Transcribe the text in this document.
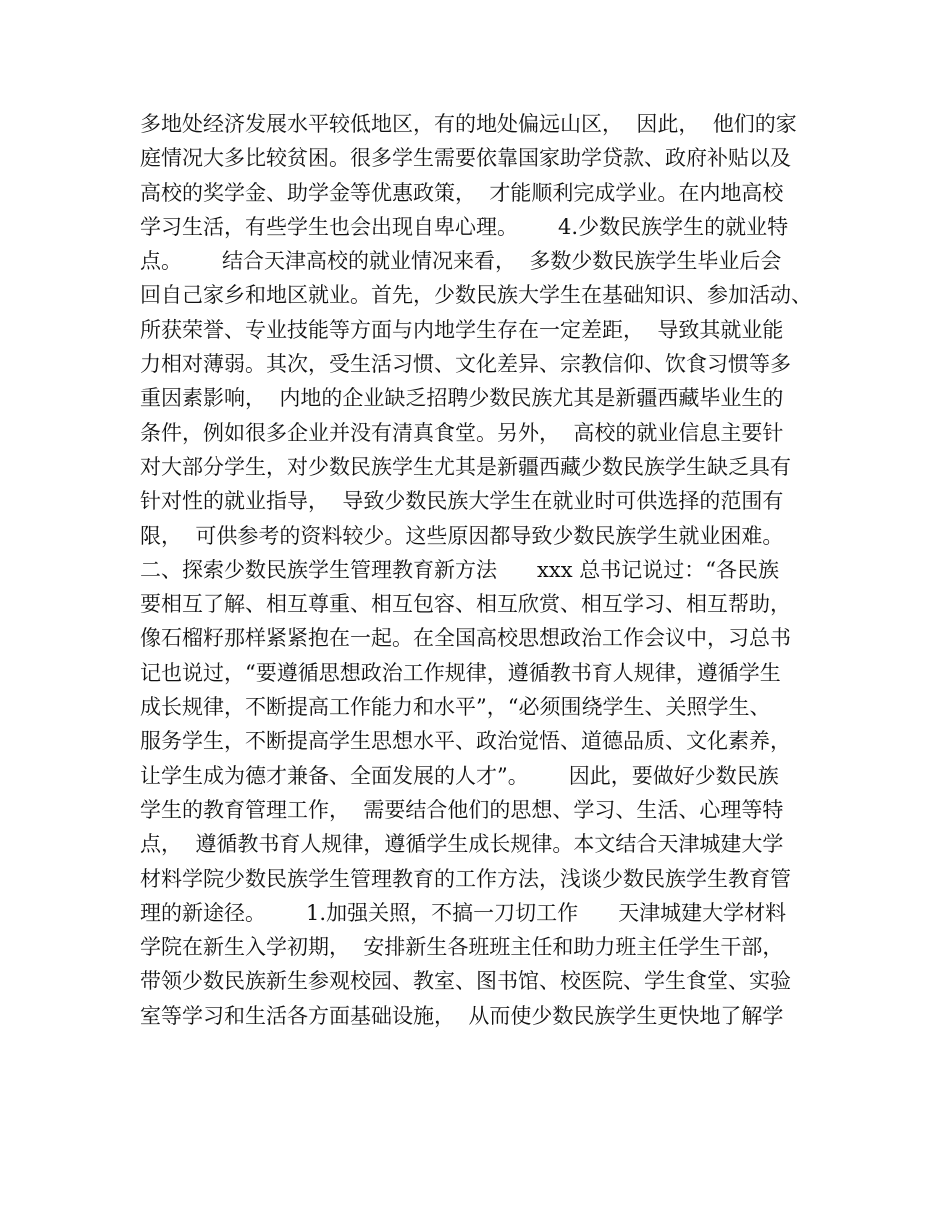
多地处经济发展水平较低地区，有的地处偏远山区，  因此，  他们的家
庭情况大多比较贫困。很多学生需要依靠国家助学贷款、政府补贴以及
高校的奖学金、助学金等优惠政策，  才能顺利完成学业。在内地高校
学习生活，有些学生也会出现自卑心理。      4.少数民族学生的就业特
点。      结合天津高校的就业情况来看，  多数少数民族学生毕业后会
回自己家乡和地区就业。首先，少数民族大学生在基础知识、参加活动、
所获荣誉、专业技能等方面与内地学生存在一定差距，  导致其就业能
力相对薄弱。其次，受生活习惯、文化差异、宗教信仰、饮食习惯等多
重因素影响，  内地的企业缺乏招聘少数民族尤其是新疆西藏毕业生的
条件，例如很多企业并没有清真食堂。另外，  高校的就业信息主要针
对大部分学生，对少数民族学生尤其是新疆西藏少数民族学生缺乏具有
针对性的就业指导，  导致少数民族大学生在就业时可供选择的范围有
限，  可供参考的资料较少。这些原因都导致少数民族学生就业困难。
二、探索少数民族学生管理教育新方法      xxx 总书记说过：“各民族
要相互了解、相互尊重、相互包容、相互欣赏、相互学习、相互帮助，
像石榴籽那样紧紧抱在一起。在全国高校思想政治工作会议中，习总书
记也说过，“要遵循思想政治工作规律，遵循教书育人规律，遵循学生
成长规律，不断提高工作能力和水平”，“必须围绕学生、关照学生、
服务学生，不断提高学生思想水平、政治觉悟、道德品质、文化素养，
让学生成为德才兼备、全面发展的人才”。      因此，要做好少数民族
学生的教育管理工作，  需要结合他们的思想、学习、生活、心理等特
点，  遵循教书育人规律，遵循学生成长规律。本文结合天津城建大学
材料学院少数民族学生管理教育的工作方法，浅谈少数民族学生教育管
理的新途径。      1.加强关照，不搞一刀切工作      天津城建大学材料
学院在新生入学初期，  安排新生各班班主任和助力班主任学生干部，
带领少数民族新生参观校园、教室、图书馆、校医院、学生食堂、实验
室等学习和生活各方面基础设施，  从而使少数民族学生更快地了解学
